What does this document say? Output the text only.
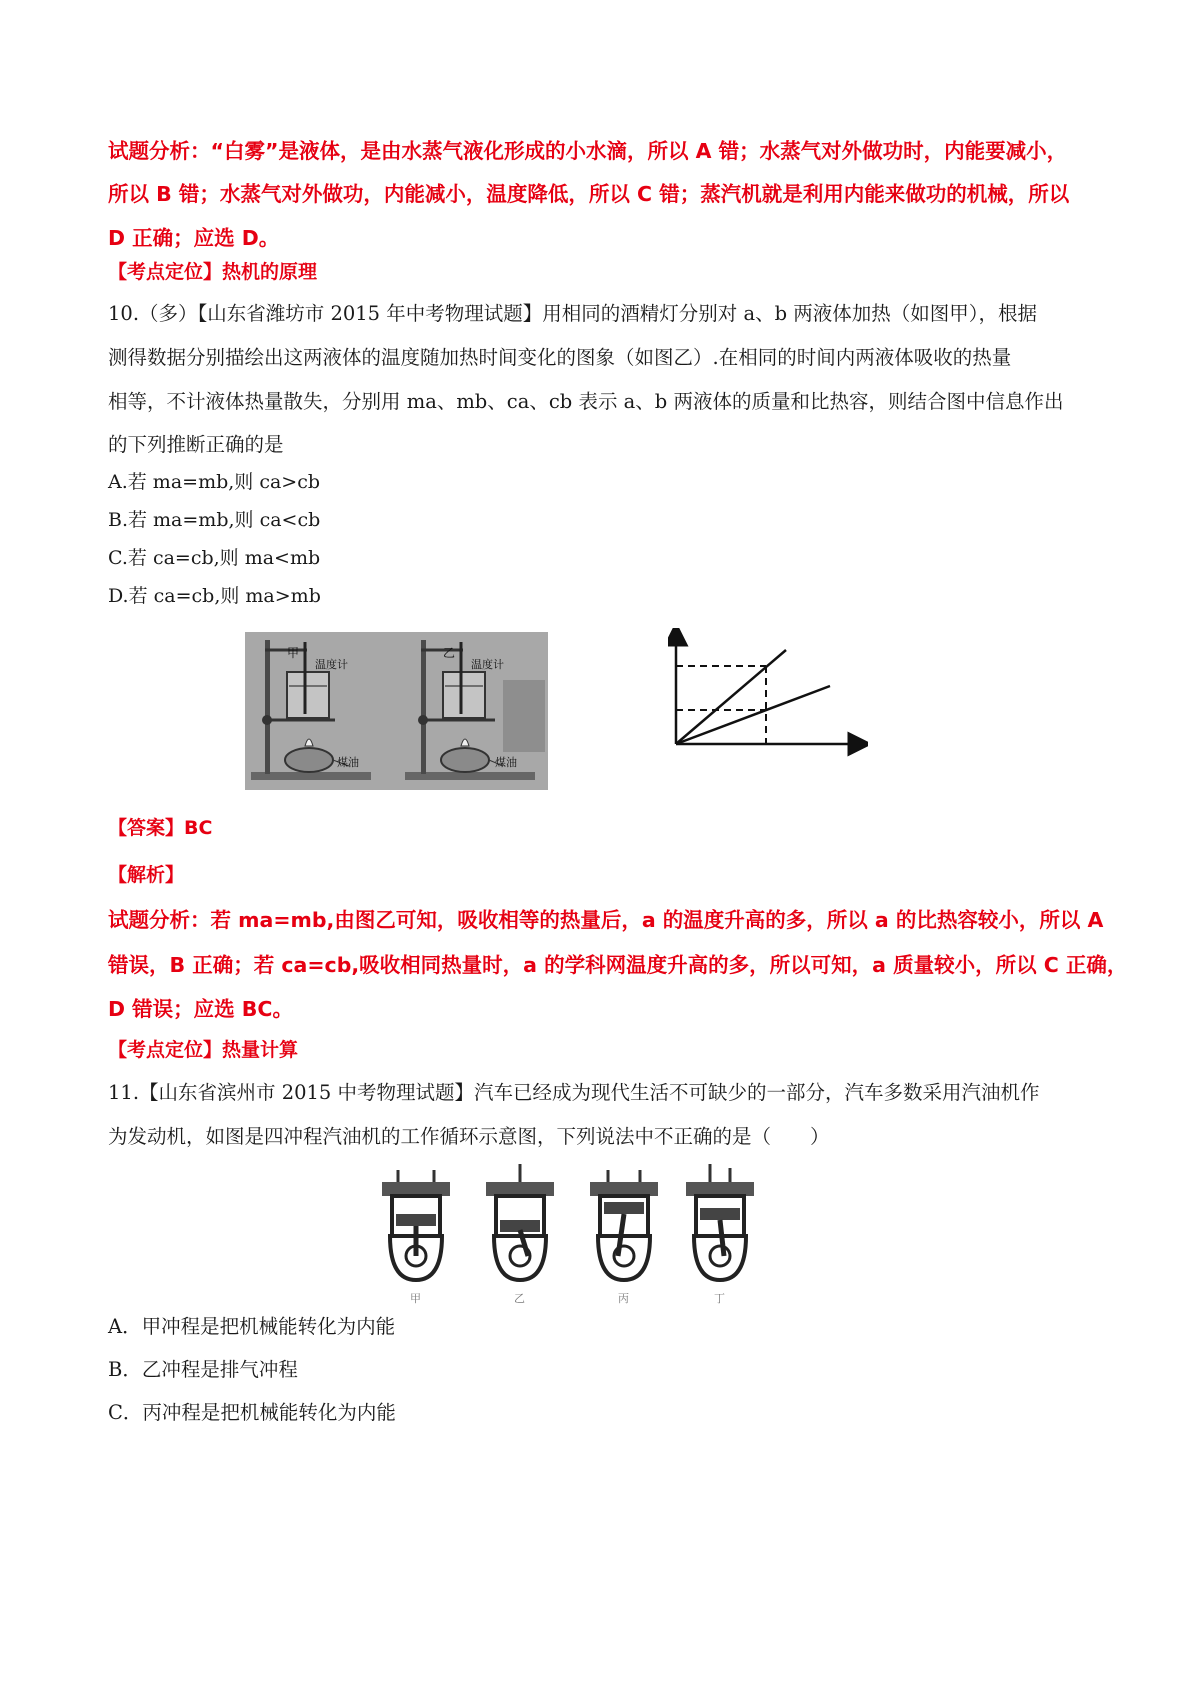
试题分析：“白雾”是液体，是由水蒸气液化形成的小水滴，所以 A 错；水蒸气对外做功时，内能要减小，
所以 B 错；水蒸气对外做功，内能减小，温度降低，所以 C 错；蒸汽机就是利用内能来做功的机械，所以
D 正确；应选 D。
【考点定位】热机的原理
10.（多）【山东省潍坊市 2015 年中考物理试题】用相同的酒精灯分别对 a、b 两液体加热（如图甲），根据
测得数据分别描绘出这两液体的温度随加热时间变化的图象（如图乙）.在相同的时间内两液体吸收的热量
相等，不计液体热量散失，分别用 ma、mb、ca、cb 表示 a、b 两液体的质量和比热容，则结合图中信息作出
的下列推断正确的是
A.若 ma=mb,则 ca>cb
B.若 ma=mb,则 ca<cb
C.若 ca=cb,则 ma<mb
D.若 ca=cb,则 ma>mb
甲
温度计
乙
温度计
煤油	煤油
【答案】BC
【解析】
试题分析：若 ma=mb,由图乙可知，吸收相等的热量后，a 的温度升高的多，所以 a 的比热容较小，所以 A
错误，B 正确；若 ca=cb,吸收相同热量时，a 的学科网温度升高的多，所以可知，a 质量较小，所以 C 正确，
D 错误；应选 BC。
【考点定位】热量计算
11.【山东省滨州市 2015 中考物理试题】汽车已经成为现代生活不可缺少的一部分，汽车多数采用汽油机作
为发动机，如图是四冲程汽油机的工作循环示意图，下列说法中不正确的是（　　）
甲	乙	丙	丁
A．甲冲程是把机械能转化为内能
B．乙冲程是排气冲程
C．丙冲程是把机械能转化为内能
